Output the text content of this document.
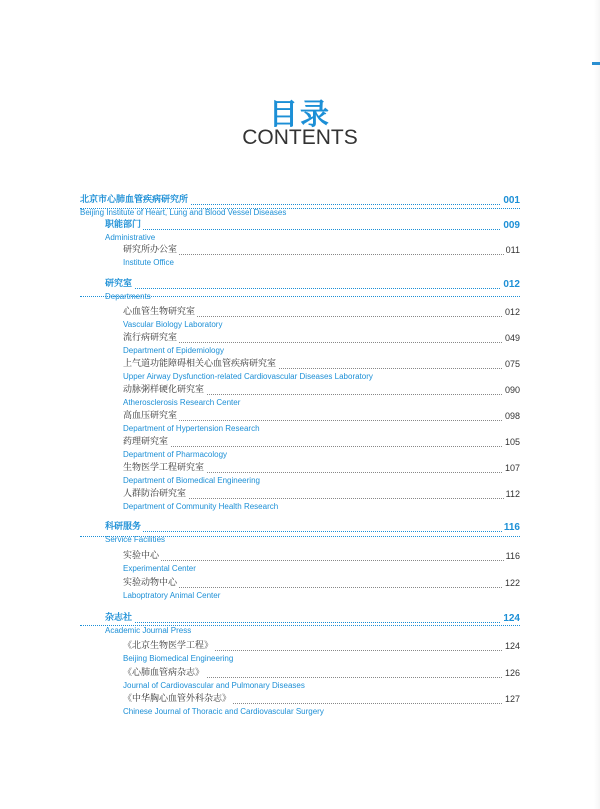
目录
CONTENTS
北京市心肺血管疾病研究所	001
Beijing Institute of Heart, Lung and Blood Vessel Diseases
职能部门	009
Administrative
研究所办公室	011
Institute Office
研究室	012
Departments
心血管生物研究室	012
Vascular Biology Laboratory
流行病研究室	049
Department of Epidemiology
上气道功能障碍相关心血管疾病研究室	075
Upper Airway Dysfunction-related Cardiovascular Diseases Laboratory
动脉粥样硬化研究室	090
Atherosclerosis Research Center
高血压研究室	098
Department of Hypertension Research
药理研究室	105
Department of Pharmacology
生物医学工程研究室	107
Department of Biomedical Engineering
人群防治研究室	112
Department of Community Health Research
科研服务	116
Service Facilities
实验中心	116
Experimental Center
实验动物中心	122
Laboptratory Animal Center
杂志社	124
Academic Journal Press
《北京生物医学工程》	124
Beijing Biomedical Engineering
《心肺血管病杂志》	126
Journal of Cardiovascular and Pulmonary Diseases
《中华胸心血管外科杂志》	127
Chinese Journal of Thoracic and Cardiovascular Surgery
